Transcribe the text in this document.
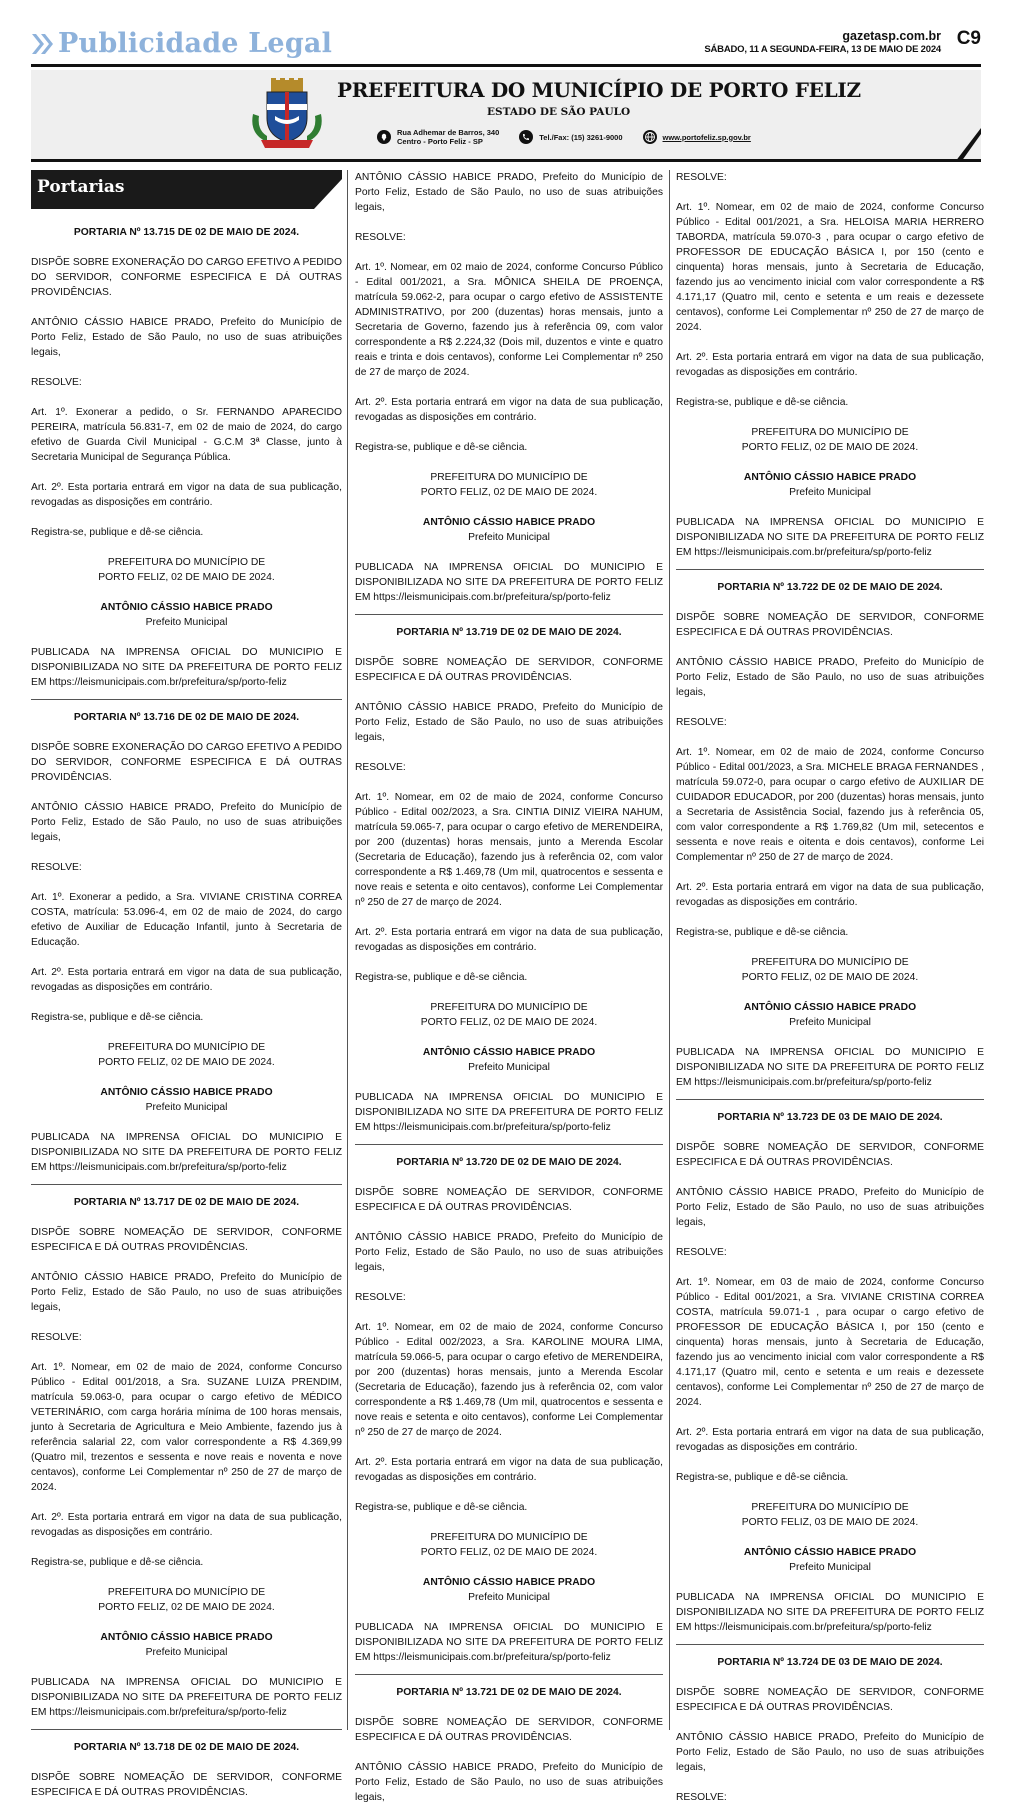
Publicidade Legal	gazetasp.com.br
SÁBADO, 11 A SEGUNDA-FEIRA, 13 DE MAIO DE 2024
C9
PREFEITURA DO MUNICÍPIO DE PORTO FELIZ
ESTADO DE SÃO PAULO
Rua Adhemar de Barros, 340
Centro - Porto Feliz - SP	Tel./Fax: (15) 3261-9000	www.portofeliz.sp.gov.br
Portarias
PORTARIA Nº 13.715 DE 02 DE MAIO DE 2024.
DISPÕE SOBRE EXONERAÇÃO DO CARGO EFETIVO A PEDIDO DO SERVIDOR, CONFORME ESPECIFICA E DÁ OUTRAS PROVIDÊNCIAS.
ANTÔNIO CÁSSIO HABICE PRADO, Prefeito do Município de Porto Feliz, Estado de São Paulo, no uso de suas atribuições legais,
RESOLVE:
Art. 1º. Exonerar a pedido, o Sr. FERNANDO APARECIDO PEREIRA, matrícula 56.831-7, em 02 de maio de 2024, do cargo efetivo de Guarda Civil Municipal - G.C.M 3ª Classe, junto à Secretaria Municipal de Segurança Pública.
Art. 2º. Esta portaria entrará em vigor na data de sua publicação, revogadas as disposições em contrário.
Registra-se, publique e dê-se ciência.
PREFEITURA DO MUNICÍPIO DE
PORTO FELIZ, 02 DE MAIO DE 2024.
ANTÔNIO CÁSSIO HABICE PRADO
Prefeito Municipal
PUBLICADA NA IMPRENSA OFICIAL DO MUNICIPIO E DISPONIBILIZADA NO SITE DA PREFEITURA DE PORTO FELIZ EM https://leismunicipais.com.br/prefeitura/sp/porto-feliz
PORTARIA Nº 13.716 DE 02 DE MAIO DE 2024.
DISPÕE SOBRE EXONERAÇÃO DO CARGO EFETIVO A PEDIDO DO SERVIDOR, CONFORME ESPECIFICA E DÁ OUTRAS PROVIDÊNCIAS.
ANTÔNIO CÁSSIO HABICE PRADO, Prefeito do Município de Porto Feliz, Estado de São Paulo, no uso de suas atribuições legais,
RESOLVE:
Art. 1º. Exonerar a pedido, a Sra. VIVIANE CRISTINA CORREA COSTA, matrícula: 53.096-4, em 02 de maio de 2024, do cargo efetivo de Auxiliar de Educação Infantil, junto à Secretaria de Educação.
Art. 2º. Esta portaria entrará em vigor na data de sua publicação, revogadas as disposições em contrário.
Registra-se, publique e dê-se ciência.
PREFEITURA DO MUNICÍPIO DE
PORTO FELIZ, 02 DE MAIO DE 2024.
ANTÔNIO CÁSSIO HABICE PRADO
Prefeito Municipal
PUBLICADA NA IMPRENSA OFICIAL DO MUNICIPIO E DISPONIBILIZADA NO SITE DA PREFEITURA DE PORTO FELIZ EM https://leismunicipais.com.br/prefeitura/sp/porto-feliz
PORTARIA Nº 13.717 DE 02 DE MAIO DE 2024.
DISPÕE SOBRE NOMEAÇÃO DE SERVIDOR, CONFORME ESPECIFICA E DÁ OUTRAS PROVIDÊNCIAS.
ANTÔNIO CÁSSIO HABICE PRADO, Prefeito do Município de Porto Feliz, Estado de São Paulo, no uso de suas atribuições legais,
RESOLVE:
Art. 1º. Nomear, em 02 de maio de 2024, conforme Concurso Público - Edital 001/2018, a Sra. SUZANE LUIZA PRENDIM, matrícula 59.063-0, para ocupar o cargo efetivo de MÉDICO VETERINÁRIO, com carga horária mínima de 100 horas mensais, junto à Secretaria de Agricultura e Meio Ambiente, fazendo jus à referência salarial 22, com valor correspondente a R$ 4.369,99 (Quatro mil, trezentos e sessenta e nove reais e noventa e nove centavos), conforme Lei Complementar nº 250 de 27 de março de 2024.
Art. 2º. Esta portaria entrará em vigor na data de sua publicação, revogadas as disposições em contrário.
Registra-se, publique e dê-se ciência.
PREFEITURA DO MUNICÍPIO DE
PORTO FELIZ, 02 DE MAIO DE 2024.
ANTÔNIO CÁSSIO HABICE PRADO
Prefeito Municipal
PUBLICADA NA IMPRENSA OFICIAL DO MUNICIPIO E DISPONIBILIZADA NO SITE DA PREFEITURA DE PORTO FELIZ EM https://leismunicipais.com.br/prefeitura/sp/porto-feliz
PORTARIA Nº 13.718 DE 02 DE MAIO DE 2024.
DISPÕE SOBRE NOMEAÇÃO DE SERVIDOR, CONFORME ESPECIFICA E DÁ OUTRAS PROVIDÊNCIAS.
ANTÔNIO CÁSSIO HABICE PRADO, Prefeito do Município de Porto Feliz, Estado de São Paulo, no uso de suas atribuições legais,
RESOLVE:
Art. 1º. Nomear, em 02 maio de 2024, conforme Concurso Público - Edital 001/2021, a Sra. MÔNICA SHEILA DE PROENÇA, matrícula 59.062-2, para ocupar o cargo efetivo de ASSISTENTE ADMINISTRATIVO, por 200 (duzentas) horas mensais, junto a Secretaria de Governo, fazendo jus à referência 09, com valor correspondente a R$ 2.224,32 (Dois mil, duzentos e vinte e quatro reais e trinta e dois centavos), conforme Lei Complementar nº 250 de 27 de março de 2024.
Art. 2º. Esta portaria entrará em vigor na data de sua publicação, revogadas as disposições em contrário.
Registra-se, publique e dê-se ciência.
PREFEITURA DO MUNICÍPIO DE
PORTO FELIZ, 02 DE MAIO DE 2024.
ANTÔNIO CÁSSIO HABICE PRADO
Prefeito Municipal
PUBLICADA NA IMPRENSA OFICIAL DO MUNICIPIO E DISPONIBILIZADA NO SITE DA PREFEITURA DE PORTO FELIZ EM https://leismunicipais.com.br/prefeitura/sp/porto-feliz
PORTARIA Nº 13.719 DE 02 DE MAIO DE 2024.
DISPÕE SOBRE NOMEAÇÃO DE SERVIDOR, CONFORME ESPECIFICA E DÁ OUTRAS PROVIDÊNCIAS.
ANTÔNIO CÁSSIO HABICE PRADO, Prefeito do Município de Porto Feliz, Estado de São Paulo, no uso de suas atribuições legais,
RESOLVE:
Art. 1º. Nomear, em 02 de maio de 2024, conforme Concurso Público - Edital 002/2023, a Sra. CINTIA DINIZ VIEIRA NAHUM, matrícula 59.065-7, para ocupar o cargo efetivo de MERENDEIRA, por 200 (duzentas) horas mensais, junto a Merenda Escolar (Secretaria de Educação), fazendo jus à referência 02, com valor correspondente a R$ 1.469,78 (Um mil, quatrocentos e sessenta e nove reais e setenta e oito centavos), conforme Lei Complementar nº 250 de 27 de março de 2024.
Art. 2º. Esta portaria entrará em vigor na data de sua publicação, revogadas as disposições em contrário.
Registra-se, publique e dê-se ciência.
PREFEITURA DO MUNICÍPIO DE
PORTO FELIZ, 02 DE MAIO DE 2024.
ANTÔNIO CÁSSIO HABICE PRADO
Prefeito Municipal
PUBLICADA NA IMPRENSA OFICIAL DO MUNICIPIO E DISPONIBILIZADA NO SITE DA PREFEITURA DE PORTO FELIZ EM https://leismunicipais.com.br/prefeitura/sp/porto-feliz
PORTARIA Nº 13.720 DE 02 DE MAIO DE 2024.
DISPÕE SOBRE NOMEAÇÃO DE SERVIDOR, CONFORME ESPECIFICA E DÁ OUTRAS PROVIDÊNCIAS.
ANTÔNIO CÁSSIO HABICE PRADO, Prefeito do Município de Porto Feliz, Estado de São Paulo, no uso de suas atribuições legais,
RESOLVE:
Art. 1º. Nomear, em 02 de maio de 2024, conforme Concurso Público - Edital 002/2023, a Sra. KAROLINE MOURA LIMA, matrícula 59.066-5, para ocupar o cargo efetivo de MERENDEIRA, por 200 (duzentas) horas mensais, junto a Merenda Escolar (Secretaria de Educação), fazendo jus à referência 02, com valor correspondente a R$ 1.469,78 (Um mil, quatrocentos e sessenta e nove reais e setenta e oito centavos), conforme Lei Complementar nº 250 de 27 de março de 2024.
Art. 2º. Esta portaria entrará em vigor na data de sua publicação, revogadas as disposições em contrário.
Registra-se, publique e dê-se ciência.
PREFEITURA DO MUNICÍPIO DE
PORTO FELIZ, 02 DE MAIO DE 2024.
ANTÔNIO CÁSSIO HABICE PRADO
Prefeito Municipal
PUBLICADA NA IMPRENSA OFICIAL DO MUNICIPIO E DISPONIBILIZADA NO SITE DA PREFEITURA DE PORTO FELIZ EM https://leismunicipais.com.br/prefeitura/sp/porto-feliz
PORTARIA Nº 13.721 DE 02 DE MAIO DE 2024.
DISPÕE SOBRE NOMEAÇÃO DE SERVIDOR, CONFORME ESPECIFICA E DÁ OUTRAS PROVIDÊNCIAS.
ANTÔNIO CÁSSIO HABICE PRADO, Prefeito do Município de Porto Feliz, Estado de São Paulo, no uso de suas atribuições legais,
RESOLVE:
Art. 1º. Nomear, em 02 de maio de 2024, conforme Concurso Público - Edital 001/2021, a Sra. HELOISA MARIA HERRERO TABORDA, matrícula 59.070-3 , para ocupar o cargo efetivo de PROFESSOR DE EDUCAÇÃO BÁSICA I, por 150 (cento e cinquenta) horas mensais, junto à Secretaria de Educação, fazendo jus ao vencimento inicial com valor correspondente a R$ 4.171,17 (Quatro mil, cento e setenta e um reais e dezessete centavos), conforme Lei Complementar nº 250 de 27 de março de 2024.
Art. 2º. Esta portaria entrará em vigor na data de sua publicação, revogadas as disposições em contrário.
Registra-se, publique e dê-se ciência.
PREFEITURA DO MUNICÍPIO DE
PORTO FELIZ, 02 DE MAIO DE 2024.
ANTÔNIO CÁSSIO HABICE PRADO
Prefeito Municipal
PUBLICADA NA IMPRENSA OFICIAL DO MUNICIPIO E DISPONIBILIZADA NO SITE DA PREFEITURA DE PORTO FELIZ EM https://leismunicipais.com.br/prefeitura/sp/porto-feliz
PORTARIA Nº 13.722 DE 02 DE MAIO DE 2024.
DISPÕE SOBRE NOMEAÇÃO DE SERVIDOR, CONFORME ESPECIFICA E DÁ OUTRAS PROVIDÊNCIAS.
ANTÔNIO CÁSSIO HABICE PRADO, Prefeito do Município de Porto Feliz, Estado de São Paulo, no uso de suas atribuições legais,
RESOLVE:
Art. 1º. Nomear, em 02 de maio de 2024, conforme Concurso Público - Edital 001/2023, a Sra. MICHELE BRAGA FERNANDES , matrícula 59.072-0, para ocupar o cargo efetivo de AUXILIAR DE CUIDADOR EDUCADOR, por 200 (duzentas) horas mensais, junto a Secretaria de Assistência Social, fazendo jus à referência 05, com valor correspondente a R$ 1.769,82 (Um mil, setecentos e sessenta e nove reais e oitenta e dois centavos), conforme Lei Complementar nº 250 de 27 de março de 2024.
Art. 2º. Esta portaria entrará em vigor na data de sua publicação, revogadas as disposições em contrário.
Registra-se, publique e dê-se ciência.
PREFEITURA DO MUNICÍPIO DE
PORTO FELIZ, 02 DE MAIO DE 2024.
ANTÔNIO CÁSSIO HABICE PRADO
Prefeito Municipal
PUBLICADA NA IMPRENSA OFICIAL DO MUNICIPIO E DISPONIBILIZADA NO SITE DA PREFEITURA DE PORTO FELIZ EM https://leismunicipais.com.br/prefeitura/sp/porto-feliz
PORTARIA Nº 13.723 DE 03 DE MAIO DE 2024.
DISPÕE SOBRE NOMEAÇÃO DE SERVIDOR, CONFORME ESPECIFICA E DÁ OUTRAS PROVIDÊNCIAS.
ANTÔNIO CÁSSIO HABICE PRADO, Prefeito do Município de Porto Feliz, Estado de São Paulo, no uso de suas atribuições legais,
RESOLVE:
Art. 1º. Nomear, em 03 de maio de 2024, conforme Concurso Público - Edital 001/2021, a Sra. VIVIANE CRISTINA CORREA COSTA, matrícula 59.071-1 , para ocupar o cargo efetivo de PROFESSOR DE EDUCAÇÃO BÁSICA I, por 150 (cento e cinquenta) horas mensais, junto à Secretaria de Educação, fazendo jus ao vencimento inicial com valor correspondente a R$ 4.171,17 (Quatro mil, cento e setenta e um reais e dezessete centavos), conforme Lei Complementar nº 250 de 27 de março de 2024.
Art. 2º. Esta portaria entrará em vigor na data de sua publicação, revogadas as disposições em contrário.
Registra-se, publique e dê-se ciência.
PREFEITURA DO MUNICÍPIO DE
PORTO FELIZ, 03 DE MAIO DE 2024.
ANTÔNIO CÁSSIO HABICE PRADO
Prefeito Municipal
PUBLICADA NA IMPRENSA OFICIAL DO MUNICIPIO E DISPONIBILIZADA NO SITE DA PREFEITURA DE PORTO FELIZ EM https://leismunicipais.com.br/prefeitura/sp/porto-feliz
PORTARIA Nº 13.724 DE 03 DE MAIO DE 2024.
DISPÕE SOBRE NOMEAÇÃO DE SERVIDOR, CONFORME ESPECIFICA E DÁ OUTRAS PROVIDÊNCIAS.
ANTÔNIO CÁSSIO HABICE PRADO, Prefeito do Município de Porto Feliz, Estado de São Paulo, no uso de suas atribuições legais,
RESOLVE:
